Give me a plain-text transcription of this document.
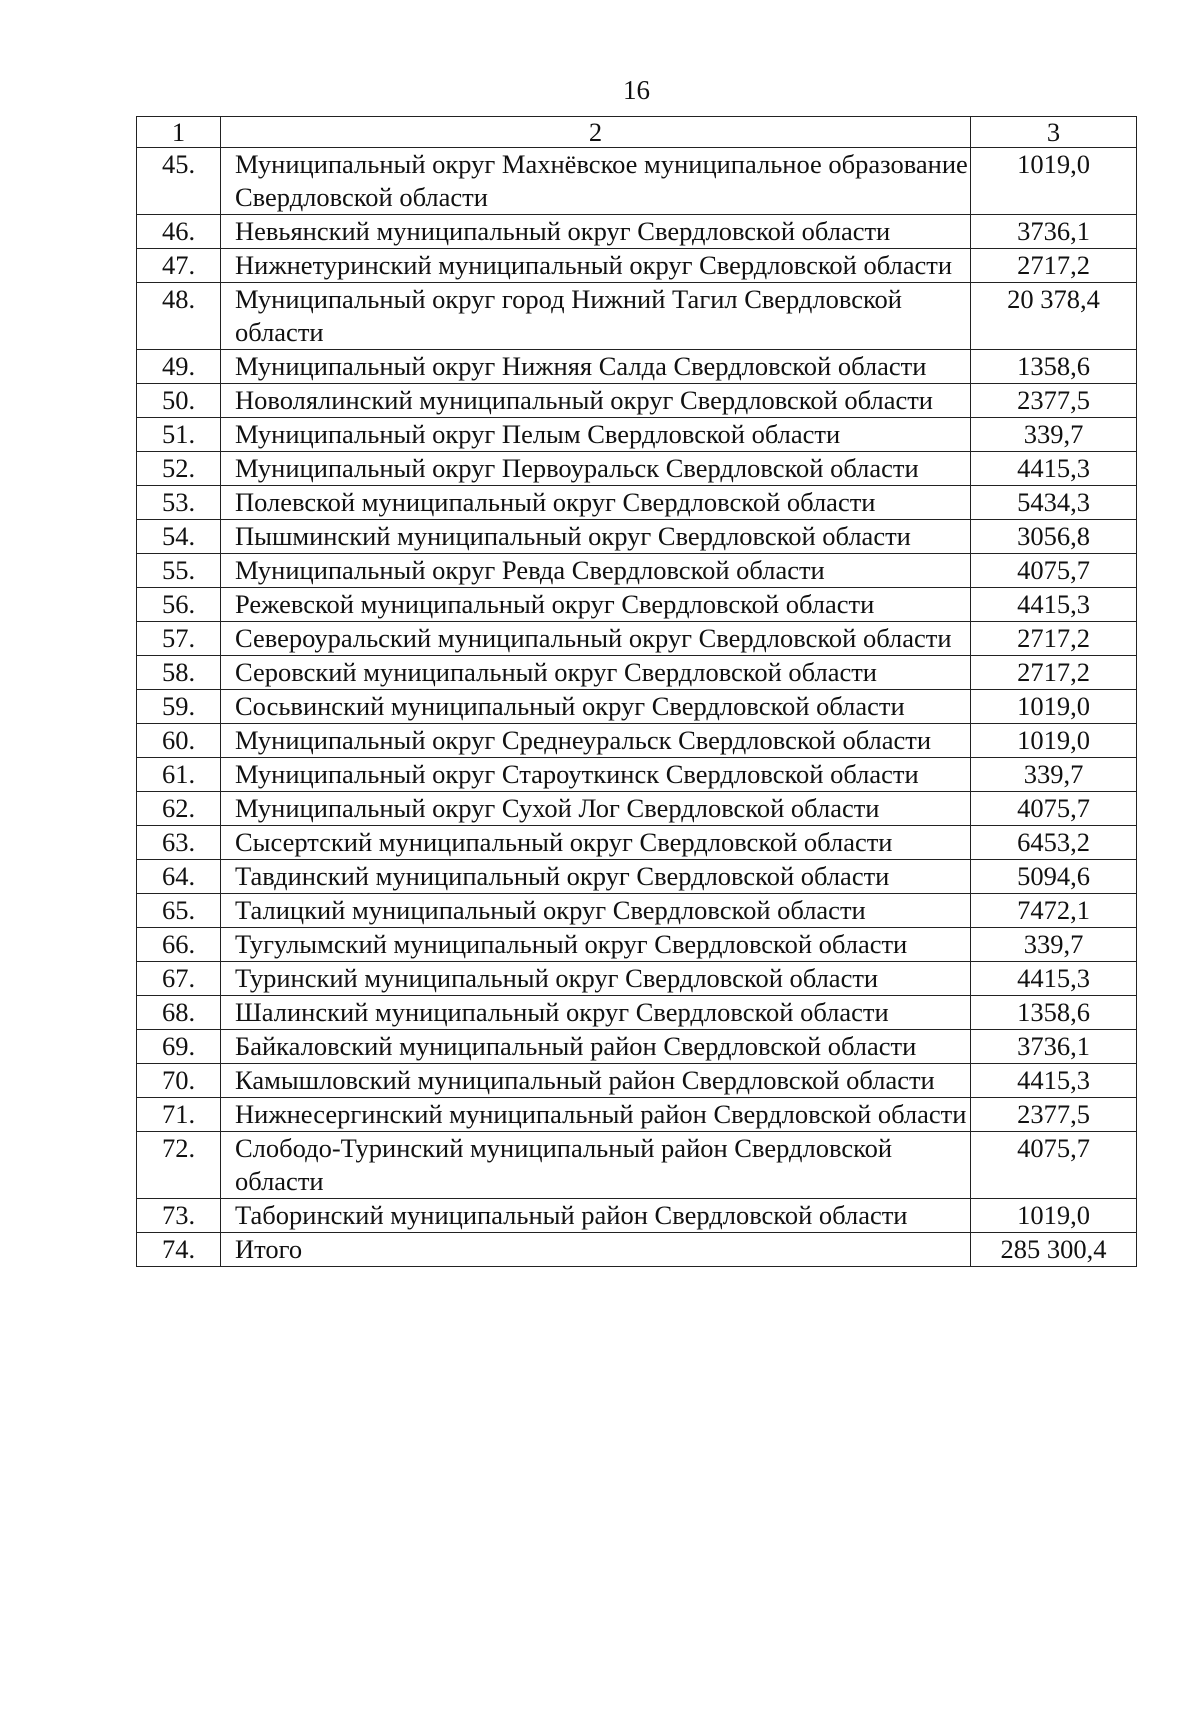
16
1	2	3
45.	Муниципальный округ Махнёвское муниципальное образование Свердловской области	1019,0
46.	Невьянский муниципальный округ Свердловской области	3736,1
47.	Нижнетуринский муниципальный округ Свердловской области	2717,2
48.	Муниципальный округ город Нижний Тагил Свердловской области	20 378,4
49.	Муниципальный округ Нижняя Салда Свердловской области	1358,6
50.	Новолялинский муниципальный округ Свердловской области	2377,5
51.	Муниципальный округ Пелым Свердловской области	339,7
52.	Муниципальный округ Первоуральск Свердловской области	4415,3
53.	Полевской муниципальный округ Свердловской области	5434,3
54.	Пышминский муниципальный округ Свердловской области	3056,8
55.	Муниципальный округ Ревда Свердловской области	4075,7
56.	Режевской муниципальный округ Свердловской области	4415,3
57.	Североуральский муниципальный округ Свердловской области	2717,2
58.	Серовский муниципальный округ Свердловской области	2717,2
59.	Сосьвинский муниципальный округ Свердловской области	1019,0
60.	Муниципальный округ Среднеуральск Свердловской области	1019,0
61.	Муниципальный округ Староуткинск Свердловской области	339,7
62.	Муниципальный округ Сухой Лог Свердловской области	4075,7
63.	Сысертский муниципальный округ Свердловской области	6453,2
64.	Тавдинский муниципальный округ Свердловской области	5094,6
65.	Талицкий муниципальный округ Свердловской области	7472,1
66.	Тугулымский муниципальный округ Свердловской области	339,7
67.	Туринский муниципальный округ Свердловской области	4415,3
68.	Шалинский муниципальный округ Свердловской области	1358,6
69.	Байкаловский муниципальный район Свердловской области	3736,1
70.	Камышловский муниципальный район Свердловской области	4415,3
71.	Нижнесергинский муниципальный район Свердловской области	2377,5
72.	Слободо-Туринский муниципальный район Свердловской области	4075,7
73.	Таборинский муниципальный район Свердловской области	1019,0
74.	Итого	285 300,4
